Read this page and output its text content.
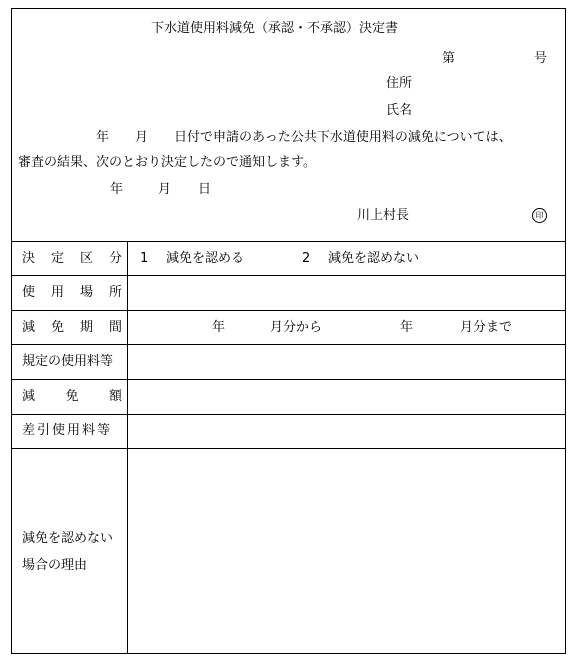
下水道使用料減免（承認・不承認）決定書
第	号
住所
氏名
年　　月　　日付で申請のあった公共下水道使用料の減免については、
審査の結果、次のとおり決定したので通知します。
年	月 日
川上村長	印
決 定 区 分 1 減免を認める	2 減免を認めない
使 用 場 所
減 免 期 間	年	月分から	年	月分まで
規定の使用料等
減 免 額
差引使用料等
減免を認めない
場合の理由
